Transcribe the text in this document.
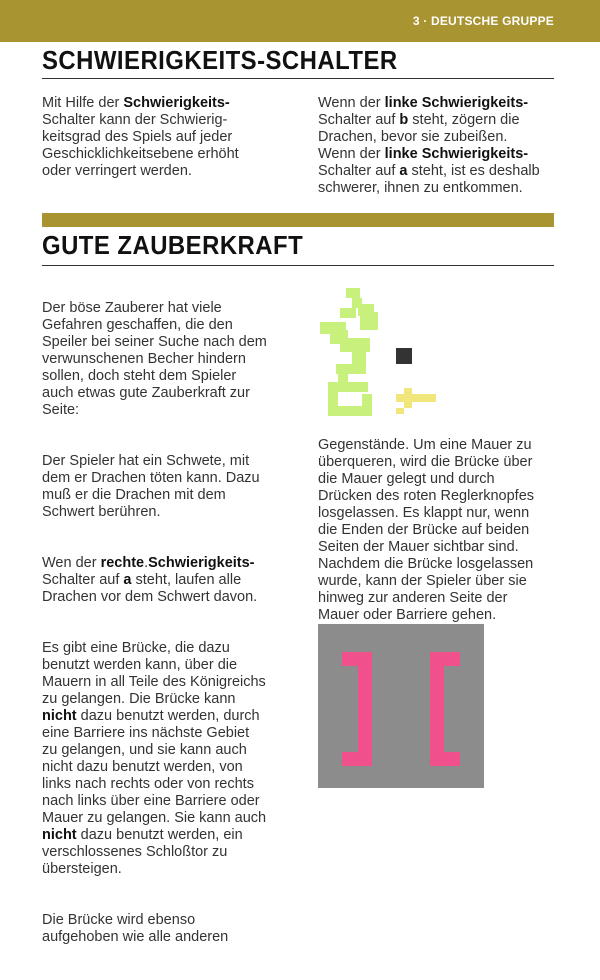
3 · DEUTSCHE GRUPPE
SCHWIERIGKEITS-SCHALTER
Mit Hilfe der Schwierigkeits-
Schalter kann der Schwierig-
keitsgrad des Spiels auf jeder
Geschicklichkeitsebene erhöht
oder verringert werden.
Wenn der linke Schwierigkeits-
Schalter auf b steht, zögern die
Drachen, bevor sie zubeißen.
Wenn der linke Schwierigkeits-
Schalter auf a steht, ist es deshalb
schwerer, ihnen zu entkommen.
GUTE ZAUBERKRAFT

Der böse Zauberer hat viele
Gefahren geschaffen, die den
Speiler bei seiner Suche nach dem
verwunschenen Becher hindern
sollen, doch steht dem Spieler
auch etwas gute Zauberkraft zur
Seite:

Der Spieler hat ein Schwete, mit
dem er Drachen töten kann. Dazu
muß er die Drachen mit dem
Schwert berühren.

Wen der rechte.Schwierigkeits-
Schalter auf a steht, laufen alle
Drachen vor dem Schwert davon.

Es gibt eine Brücke, die dazu
benutzt werden kann, über die
Mauern in all Teile des Königreichs
zu gelangen. Die Brücke kann
nicht dazu benutzt werden, durch
eine Barriere ins nächste Gebiet
zu gelangen, und sie kann auch
nicht dazu benutzt werden, von
links nach rechts oder von rechts
nach links über eine Barriere oder
Mauer zu gelangen. Sie kann auch
nicht dazu benutzt werden, ein
verschlossenes Schloßtor zu
übersteigen.

Die Brücke wird ebenso
aufgehoben wie alle anderen

Gegenstände. Um eine Mauer zu
überqueren, wird die Brücke über
die Mauer gelegt und durch
Drücken des roten Reglerknopfes
losgelassen. Es klappt nur, wenn
die Enden der Brücke auf beiden
Seiten der Mauer sichtbar sind.
Nachdem die Brücke losgelassen
wurde, kann der Spieler über sie
hinweg zur anderen Seite der
Mauer oder Barriere gehen.
